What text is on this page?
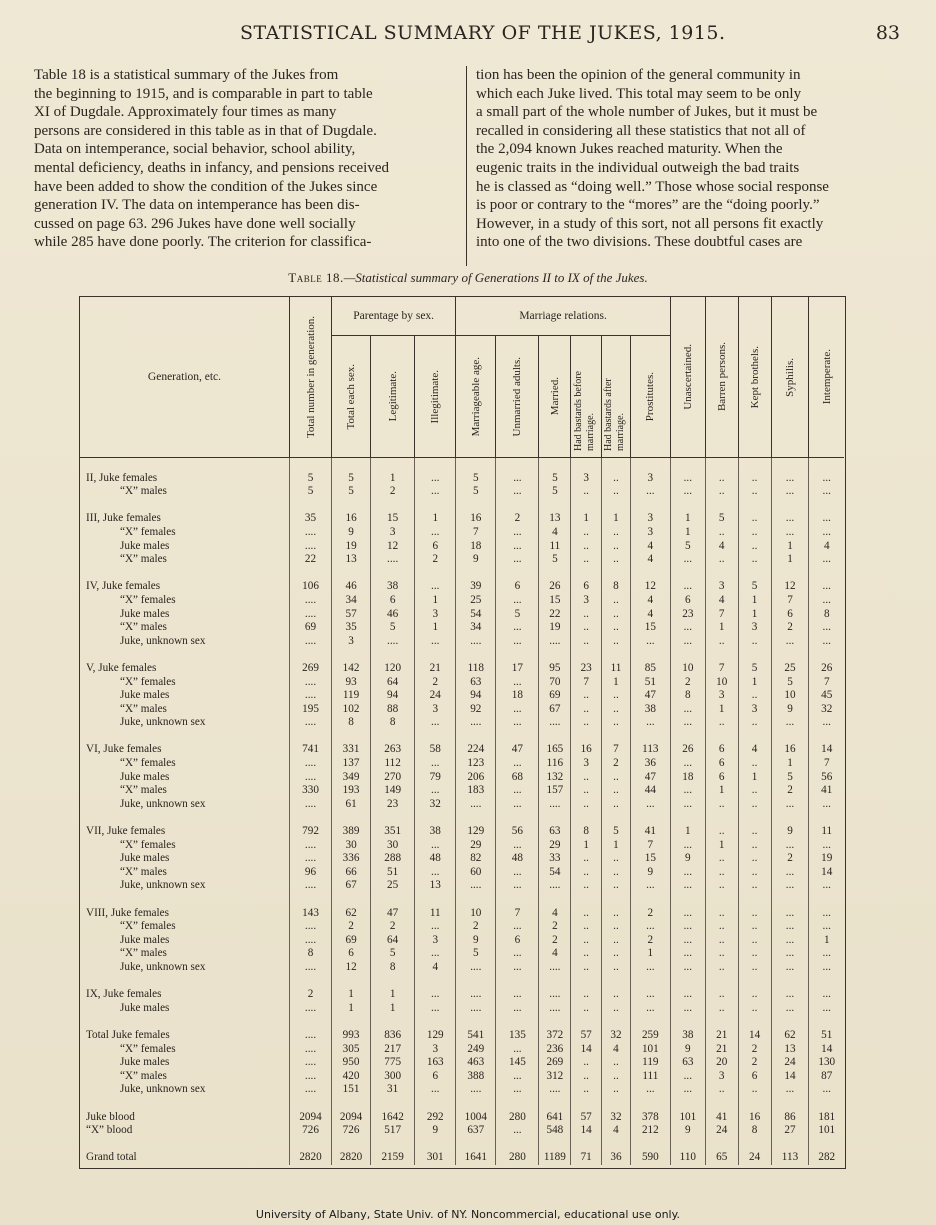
STATISTICAL SUMMARY OF THE JUKES, 1915.	83

Table 18 is a statistical summary of the Jukes from

the beginning to 1915, and is comparable in part to table

XI of Dugdale. Approximately four times as many

persons are considered in this table as in that of Dugdale.

Data on intemperance, social behavior, school ability,

mental deficiency, deaths in infancy, and pensions received

have been added to show the condition of the Jukes since

generation IV. The data on intemperance has been dis-

cussed on page 63. 296 Jukes have done well socially

while 285 have done poorly. The criterion for classifica-

tion has been the opinion of the general community in

which each Juke lived. This total may seem to be only

a small part of the whole number of Jukes, but it must be

recalled in considering all these statistics that not all of

the 2,094 known Jukes reached maturity. When the

eugenic traits in the individual outweigh the bad traits

he is classed as “doing well.” Those whose social response

is poor or contrary to the “mores” are the “doing poorly.”

However, in a study of this sort, not all persons fit exactly

into one of the two divisions. These doubtful cases are

Table 18.—Statistical summary of Generations II to IX of the Jukes.
Generation, etc.	Total number in generation.	Parentage by sex.			Marriage relations.						Unascertained.	Barren persons.	Kept brothels.	Syphilis.	Intemperate.

		Total each sex.	Legitimate.	Illegitimate.	Marriageable age.	Unmarried adults.	Married.	Had bastards before marriage.	Had bastards after marriage.	Prostitutes.					

II, Juke females	5	5	1	...	5	...	5	3	..	3	...	..	..	...	...
“X” males	5	5	2	...	5	...	5	..	..	...	...	..	..	...	...

III, Juke females	35	16	15	1	16	2	13	1	1	3	1	5	..	...	...
“X” females	....	9	3	...	7	...	4	..	..	3	1	..	..	...	...
Juke males	....	19	12	6	18	...	11	..	..	4	5	4	..	1	4
“X” males	22	13	....	2	9	...	5	..	..	4	...	..	..	1	...

IV, Juke females	106	46	38	...	39	6	26	6	8	12	...	3	5	12	...
“X” females	....	34	6	1	25	...	15	3	..	4	6	4	1	7	...
Juke males	....	57	46	3	54	5	22	..	..	4	23	7	1	6	8
“X” males	69	35	5	1	34	...	19	..	..	15	...	1	3	2	...
Juke, unknown sex	....	3	....	...	....	...	....	..	..	...	...	..	..	...	...

V, Juke females	269	142	120	21	118	17	95	23	11	85	10	7	5	25	26
“X” females	....	93	64	2	63	...	70	7	1	51	2	10	1	5	7
Juke males	....	119	94	24	94	18	69	..	..	47	8	3	..	10	45
“X” males	195	102	88	3	92	...	67	..	..	38	...	1	3	9	32
Juke, unknown sex	....	8	8	...	....	...	....	..	..	...	...	..	..	...	...

VI, Juke females	741	331	263	58	224	47	165	16	7	113	26	6	4	16	14
“X” females	....	137	112	...	123	...	116	3	2	36	...	6	..	1	7
Juke males	....	349	270	79	206	68	132	..	..	47	18	6	1	5	56
“X” males	330	193	149	...	183	...	157	..	..	44	...	1	..	2	41
Juke, unknown sex	....	61	23	32	....	...	....	..	..	...	...	..	..	...	...

VII, Juke females	792	389	351	38	129	56	63	8	5	41	1	..	..	9	11
“X” females	....	30	30	...	29	...	29	1	1	7	...	1	..	...	...
Juke males	....	336	288	48	82	48	33	..	..	15	9	..	..	2	19
“X” males	96	66	51	...	60	...	54	..	..	9	...	..	..	...	14
Juke, unknown sex	....	67	25	13	....	...	....	..	..	...	...	..	..	...	...

VIII, Juke females	143	62	47	11	10	7	4	..	..	2	...	..	..	...	...
“X” females	....	2	2	...	2	...	2	..	..	...	...	..	..	...	...
Juke males	....	69	64	3	9	6	2	..	..	2	...	..	..	...	1
“X” males	8	6	5	...	5	...	4	..	..	1	...	..	..	...	...
Juke, unknown sex	....	12	8	4	....	...	....	..	..	...	...	..	..	...	...

IX, Juke females	2	1	1	...	....	...	....	..	..	...	...	..	..	...	...
Juke males	....	1	1	...	....	...	....	..	..	...	...	..	..	...	...

Total Juke females	....	993	836	129	541	135	372	57	32	259	38	21	14	62	51
“X” females	....	305	217	3	249	...	236	14	4	101	9	21	2	13	14
Juke males	....	950	775	163	463	145	269	..	..	119	63	20	2	24	130
“X” males	....	420	300	6	388	...	312	..	..	111	...	3	6	14	87
Juke, unknown sex	....	151	31	...	....	...	....	..	..	...	...	..	..	...	...

Juke blood	2094	2094	1642	292	1004	280	641	57	32	378	101	41	16	86	181
“X” blood	726	726	517	9	637	...	548	14	4	212	9	24	8	27	101

Grand total	2820	2820	2159	301	1641	280	1189	71	36	590	110	65	24	113	282
University of Albany, State Univ. of NY. Noncommercial, educational use only.
